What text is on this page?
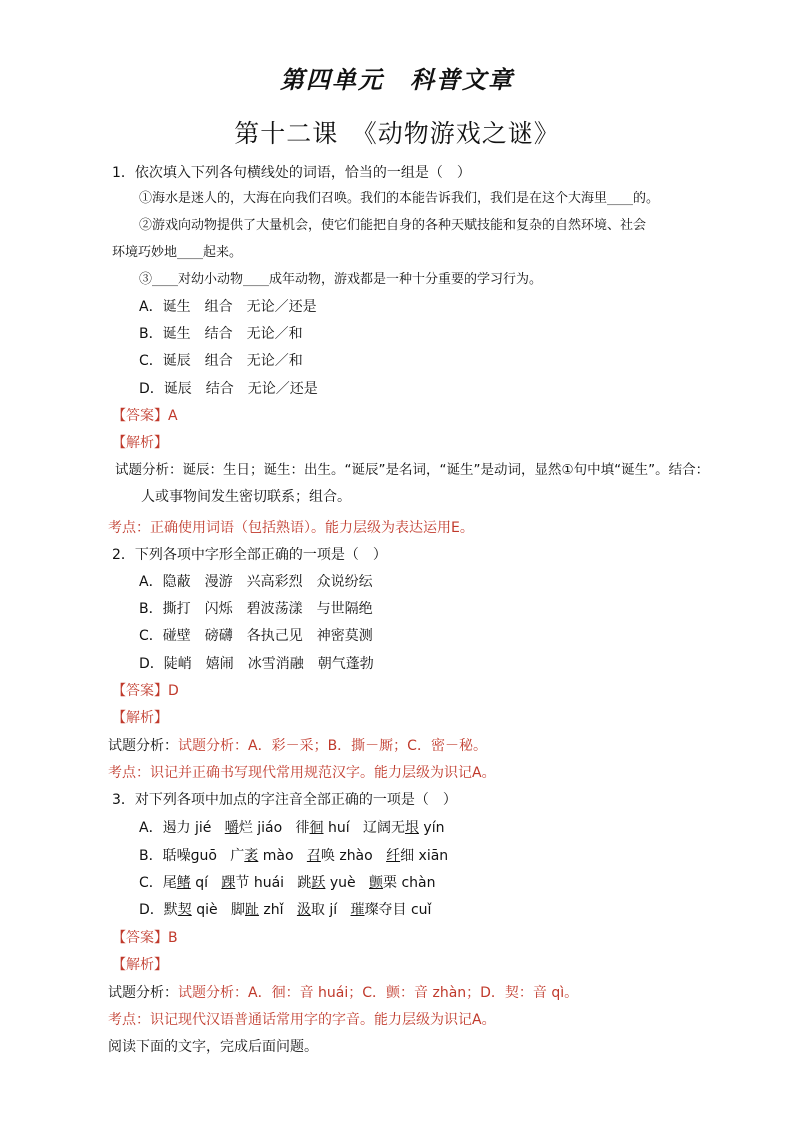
第四单元　科普文章
第十二课　《动物游戏之谜》
1．依次填入下列各句横线处的词语，恰当的一组是（　）
①海水是迷人的，大海在向我们召唤。我们的本能告诉我们，我们是在这个大海里____的。
②游戏向动物提供了大量机会，使它们能把自身的各种天赋技能和复杂的自然环境、社会
环境巧妙地____起来。
③____对幼小动物____成年动物，游戏都是一种十分重要的学习行为。
A．诞生　组合　无论／还是
B．诞生　结合　无论／和
C．诞辰　组合　无论／和
D．诞辰　结合　无论／还是
【答案】A
【解析】
试题分析：诞辰：生日；诞生：出生。“诞辰”是名词，“诞生”是动词，显然①句中填“诞生”。结合：
人或事物间发生密切联系；组合。
考点：正确使用词语（包括熟语）。能力层级为表达运用E。
2．下列各项中字形全部正确的一项是（　）
A．隐蔽　漫游　兴高彩烈　众说纷纭
B．撕打　闪烁　碧波荡漾　与世隔绝
C．碰壁　磅礴　各执己见　神密莫测
D．陡峭　嬉闹　冰雪消融　朝气蓬勃
【答案】D
【解析】
试题分析：试题分析：A．彩－采；B．撕－厮；C．密－秘。
考点：识记并正确书写现代常用规范汉字。能力层级为识记A。
3．对下列各项中加点的字注音全部正确的一项是（　）
A．遏力 jié 嚼烂 jiáo 徘徊 huí 辽阔无垠 yín
B．聒噪ɡuō 广袤 mào 召唤 zhào 纤细 xiān
C．尾鳍 qí 踝节 huái 跳跃 yuè 颤栗 chàn
D．默契 qiè 脚趾 zhǐ 汲取 jí 璀璨夺目 cuǐ
【答案】B
【解析】
试题分析：试题分析：A．徊：音 huái；C．颤：音 zhàn；D．契：音 qì。
考点：识记现代汉语普通话常用字的字音。能力层级为识记A。
阅读下面的文字，完成后面问题。
